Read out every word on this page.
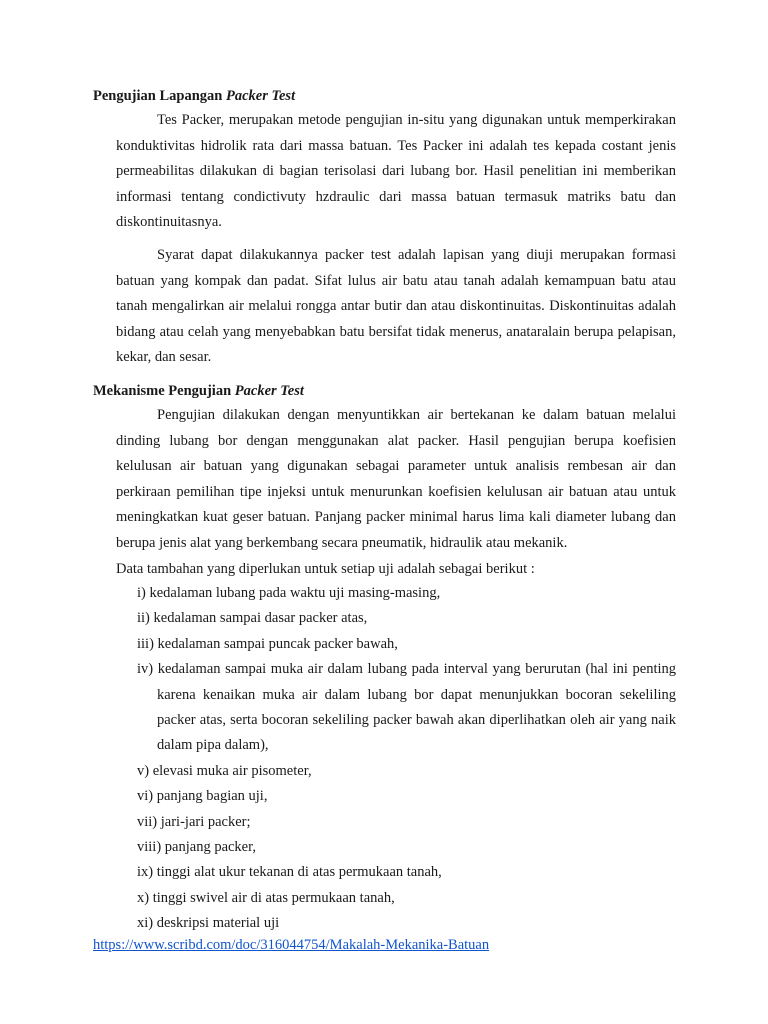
Pengujian Lapangan Packer Test

Tes Packer, merupakan metode pengujian in-situ yang digunakan untuk memperkirakan konduktivitas hidrolik rata dari massa batuan. Tes Packer ini adalah tes kepada costant jenis permeabilitas dilakukan di bagian terisolasi dari lubang bor. Hasil penelitian ini memberikan informasi tentang condictivuty hzdraulic dari massa batuan termasuk matriks batu dan diskontinuitasnya.

Syarat dapat dilakukannya packer test adalah lapisan yang diuji merupakan formasi batuan yang kompak dan padat. Sifat lulus air batu atau tanah adalah kemampuan batu atau tanah mengalirkan air melalui rongga antar butir dan atau diskontinuitas. Diskontinuitas adalah bidang atau celah yang menyebabkan batu bersifat tidak menerus, anataralain berupa pelapisan, kekar, dan sesar.

Mekanisme Pengujian Packer Test

Pengujian dilakukan dengan menyuntikkan air bertekanan ke dalam batuan melalui dinding lubang bor dengan menggunakan alat packer. Hasil pengujian berupa koefisien kelulusan air batuan yang digunakan sebagai parameter untuk analisis rembesan air dan perkiraan pemilihan tipe injeksi untuk menurunkan koefisien kelulusan air batuan atau untuk meningkatkan kuat geser batuan. Panjang packer minimal harus lima kali diameter lubang dan berupa jenis alat yang berkembang secara pneumatik, hidraulik atau mekanik.

Data tambahan yang diperlukan untuk setiap uji adalah sebagai berikut :

i) kedalaman lubang pada waktu uji masing-masing,
ii) kedalaman sampai dasar packer atas,
iii) kedalaman sampai puncak packer bawah,
iv) kedalaman sampai muka air dalam lubang pada interval yang berurutan (hal ini penting karena kenaikan muka air dalam lubang bor dapat menunjukkan bocoran sekeliling packer atas, serta bocoran sekeliling packer bawah akan diperlihatkan oleh air yang naik dalam pipa dalam),
v) elevasi muka air pisometer,
vi) panjang bagian uji,
vii) jari-jari packer;
viii) panjang packer,
ix) tinggi alat ukur tekanan di atas permukaan tanah,
x) tinggi swivel air di atas permukaan tanah,
xi) deskripsi material uji
https://www.scribd.com/doc/316044754/Makalah-Mekanika-Batuan
